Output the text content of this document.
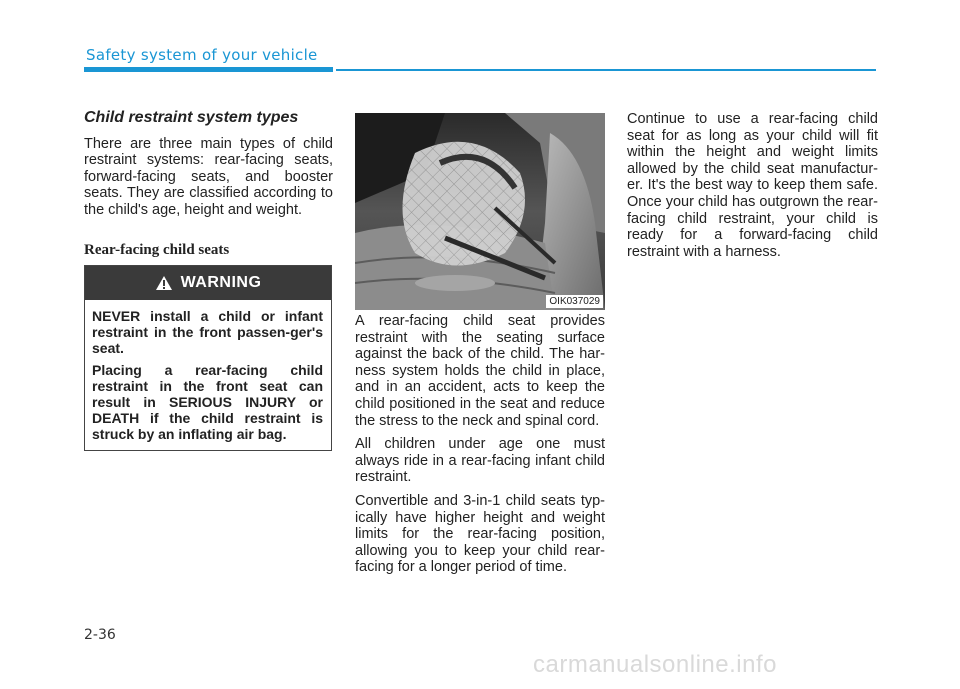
Safety system of your vehicle
Child restraint system types

There are three main types of child restraint systems: rear-facing seats, forward-facing seats, and booster seats. They are classified according to the child's age, height and weight.

Rear-facing child seats
WARNING

NEVER install a child or infant restraint in the front passen-ger's seat.

Placing a rear-facing child restraint in the front seat can result in SERIOUS INJURY or DEATH if the child restraint is struck by an inflating air bag.

OIK037029

A rear-facing child seat provides restraint with the seating surface against the back of the child. The har-ness system holds the child in place, and in an accident, acts to keep the child positioned in the seat and reduce the stress to the neck and spinal cord.

All children under age one must always ride in a rear-facing infant child restraint.

Convertible and 3-in-1 child seats typ-ically have higher height and weight limits for the rear-facing position, allowing you to keep your child rear-facing for a longer period of time.

Continue to use a rear-facing child seat for as long as your child will fit within the height and weight limits allowed by the child seat manufactur-er. It's the best way to keep them safe. Once your child has outgrown the rear-facing child restraint, your child is ready for a forward-facing child restraint with a harness.

2-36
carmanualsonline.info
